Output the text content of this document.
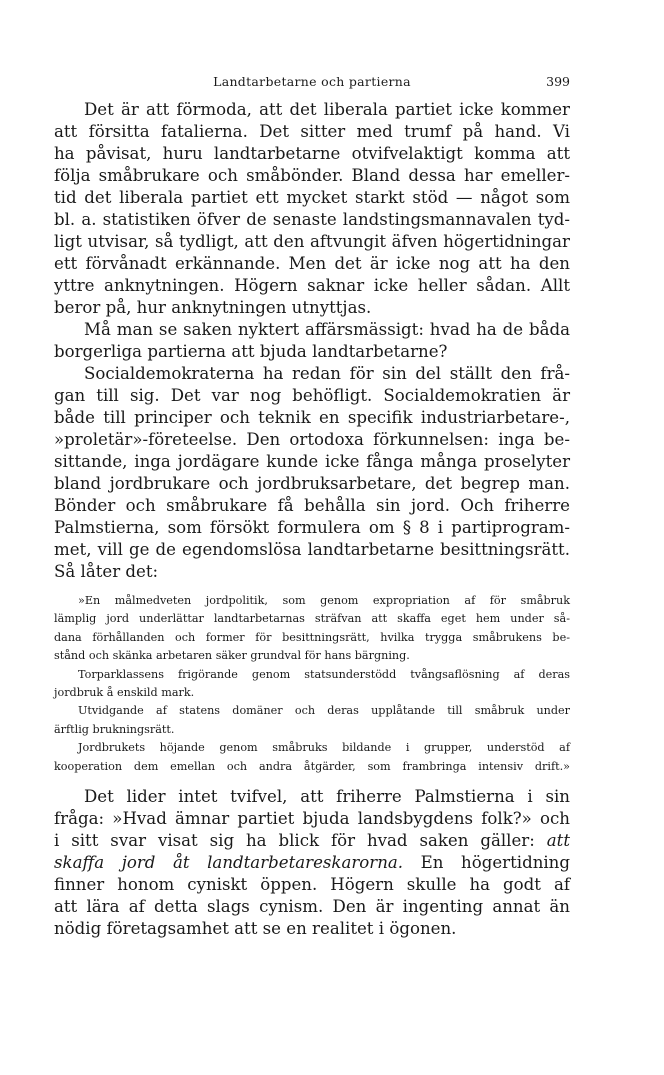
Landtarbetarne och partierna	399
Det är att förmoda, att det liberala partiet icke kommer
att försitta fatalierna. Det sitter med trumf på hand. Vi
ha påvisat, huru landtarbetarne otvifvelaktigt komma att
följa småbrukare och småbönder. Bland dessa har emeller-
tid det liberala partiet ett mycket starkt stöd — något som
bl. a. statistiken öfver de senaste landstingsmannavalen tyd-
ligt utvisar, så tydligt, att den aftvungit äfven högertidningar
ett förvånadt erkännande. Men det är icke nog att ha den
yttre anknytningen. Högern saknar icke heller sådan. Allt
beror på, hur anknytningen utnyttjas.
Må man se saken nyktert affärsmässigt: hvad ha de båda
borgerliga partierna att bjuda landtarbetarne?
Socialdemokraterna ha redan för sin del ställt den frå-
gan till sig. Det var nog behöfligt. Socialdemokratien är
både till principer och teknik en specifik industriarbetare-,
»proletär»-företeelse. Den ortodoxa förkunnelsen: inga be-
sittande, inga jordägare kunde icke fånga många proselyter
bland jordbrukare och jordbruksarbetare, det begrep man.
Bönder och småbrukare få behålla sin jord. Och friherre
Palmstierna, som försökt formulera om § 8 i partiprogram-
met, vill ge de egendomslösa landtarbetarne besittningsrätt.
Så låter det:
»En målmedveten jordpolitik, som genom expropriation af för småbruk
lämplig jord underlättar landtarbetarnas sträfvan att skaffa eget hem under så-
dana förhållanden och former för besittningsrätt, hvilka trygga småbrukens be-
stånd och skänka arbetaren säker grundval för hans bärgning.
Torparklassens frigörande genom statsunderstödd tvångsaflösning af deras
jordbruk å enskild mark.
Utvidgande af statens domäner och deras upplåtande till småbruk under
ärftlig brukningsrätt.
Jordbrukets höjande genom småbruks bildande i grupper, understöd af
kooperation dem emellan och andra åtgärder, som frambringa intensiv drift.»
Det lider intet tvifvel, att friherre Palmstierna i sin
fråga: »Hvad ämnar partiet bjuda landsbygdens folk?» och
i sitt svar visat sig ha blick för hvad saken gäller: att
skaffa jord åt landtarbetareskarorna. En högertidning
finner honom cyniskt öppen. Högern skulle ha godt af
att lära af detta slags cynism. Den är ingenting annat än
nödig företagsamhet att se en realitet i ögonen.
